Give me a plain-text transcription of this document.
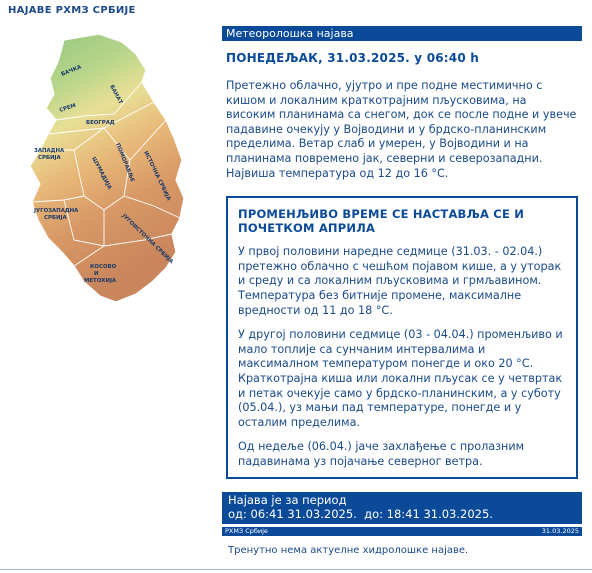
НАЈАВЕ РХМЗ СРБИЈЕ
БАЧКА
БАНАТ
СРЕМ
БЕОГРАД
ЗАПАДНА СРБИЈА	ШУМАДИЈА ПОМОРАВЉЕ ИСТОЧНА СРБИЈА
ЈУГОЗАПАДНА СРБИЈА	ЈУГОИСТОЧНА СРБИЈА
КОСОВО И МЕТОХИЈА
Метеоролошка најава
ПОНЕДЕЉАК, 31.03.2025. у 06:40 h
Претежно облачно, ујутро и пре подне местимично с кишом и локалним краткотрајним пљусковима, на високим планинама са снегом, док се после подне и увече падавине очекују у Војводини и у брдско-планинским пределима. Ветар слаб и умерен, у Војводини и на планинама повремено јак, северни и северозападни. Највиша температура од 12 до 16 °C.
ПРОМЕНЉИВО ВРЕМЕ СЕ НАСТАВЉА СЕ И ПОЧЕТКОМ АПРИЛА
У првој половини наредне седмице (31.03. - 02.04.) претежно облачно с чешћом појавом кише, а у уторак и среду и са локалним пљусковима и грмљавином. Температура без битније промене, максималне вредности од 11 до 18 °C.
У другој половини седмице (03 - 04.04.) променљиво и мало топлије са сунчаним интервалима и максималном температуром понегде и око 20 °C. Краткотрајна киша или локални пљусак се у четвртак и петак очекује само у брдско-планинским, а у суботу (05.04.), уз мањи пад температуре, понегде и у осталим пределима.
Од недеље (06.04.) јаче захлађење с пролазним падавинама уз појачање северног ветра.
Најава је за период
од: 06:41 31.03.2025.  до: 18:41 31.03.2025.
РХМЗ Србије	31.03.2025
Тренутно нема актуелне хидролошке најаве.
